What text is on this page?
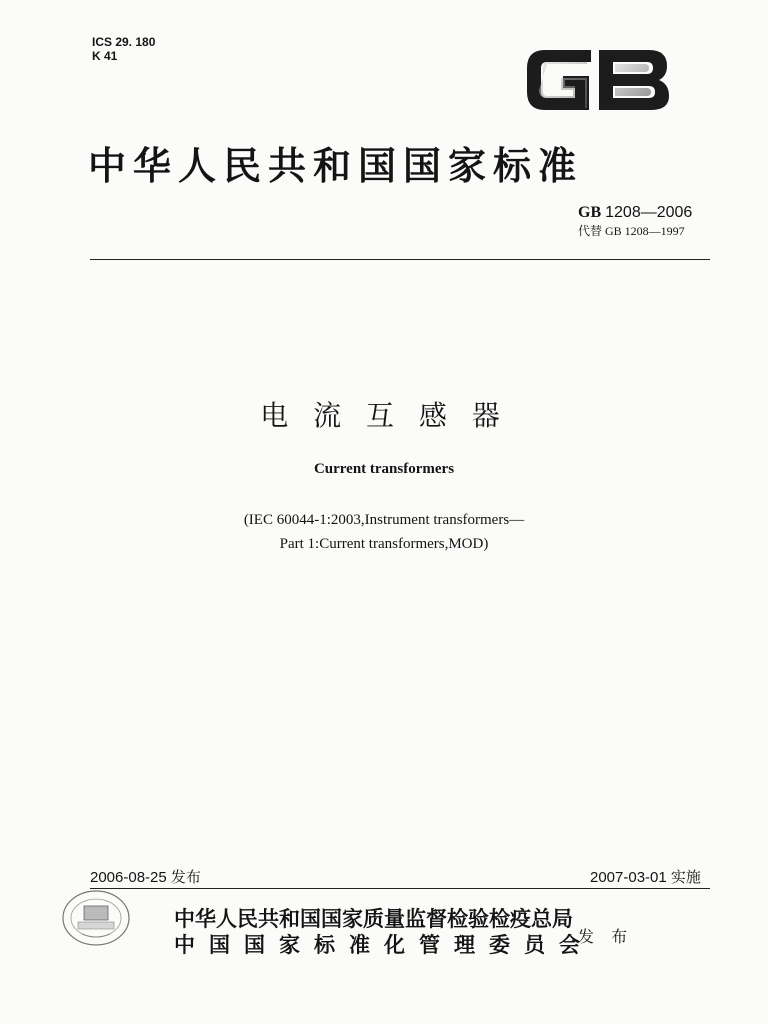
ICS 29. 180
K 41
中华人民共和国国家标准
GB 1208—2006
代替 GB 1208—1997
电 流 互 感 器
Current transformers
(IEC 60044-1:2003,Instrument transformers—
Part 1:Current transformers,MOD)
2006-08-25 发布	2007-03-01 实施
中华人民共和国国家质量监督检验检疫总局
中国国家标准化管理委员会
发 布
